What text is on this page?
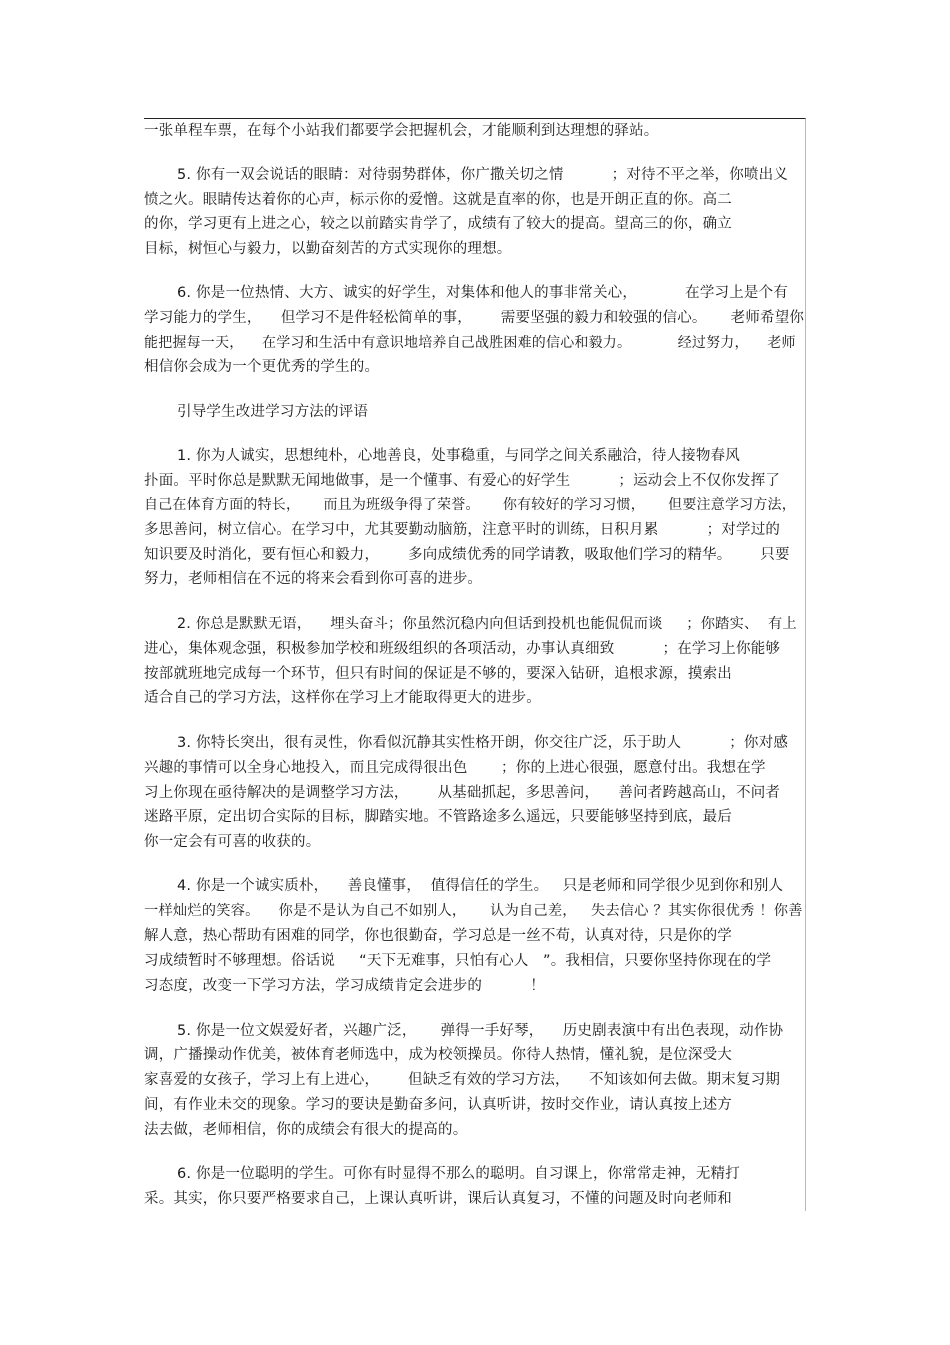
一张单程车票，在每个小站我们都要学会把握机会，才能顺利到达理想的驿站。
5. 你有一双会说话的眼睛：对待弱势群体，你广撒关切之情          ；对待不平之举，你喷出义
愤之火。眼睛传达着你的心声，标示你的爱憎。这就是直率的你，也是开朗正直的你。高二
的你，学习更有上进之心，较之以前踏实肯学了，成绩有了较大的提高。望高三的你，确立
目标，树恒心与毅力，以勤奋刻苦的方式实现你的理想。
6. 你是一位热情、大方、诚实的好学生，对集体和他人的事非常关心，          在学习上是个有
学习能力的学生，    但学习不是件轻松简单的事，      需要坚强的毅力和较强的信心。     老师希望你
能把握每一天，    在学习和生活中有意识地培养自己战胜困难的信心和毅力。          经过努力，    老师
相信你会成为一个更优秀的学生的。
引导学生改进学习方法的评语
1. 你为人诚实，思想纯朴，心地善良，处事稳重，与同学之间关系融洽，待人接物春风
扑面。平时你总是默默无闻地做事，是一个懂事、有爱心的好学生          ；运动会上不仅你发挥了
自己在体育方面的特长，     而且为班级争得了荣誉。     你有较好的学习习惯，     但要注意学习方法，
多思善问，树立信心。在学习中，尤其要勤动脑筋，注意平时的训练，日积月累          ；对学过的
知识要及时消化，要有恒心和毅力，      多向成绩优秀的同学请教，吸取他们学习的精华。      只要
努力，老师相信在不远的将来会看到你可喜的进步。
2. 你总是默默无语，    埋头奋斗；你虽然沉稳内向但话到投机也能侃侃而谈     ；你踏实、  有上
进心，集体观念强，积极参加学校和班级组织的各项活动，办事认真细致          ；在学习上你能够
按部就班地完成每一个环节，但只有时间的保证是不够的，要深入钻研，追根求源，摸索出
适合自己的学习方法，这样你在学习上才能取得更大的进步。
3. 你特长突出，很有灵性，你看似沉静其实性格开朗，你交往广泛，乐于助人          ；你对感
兴趣的事情可以全身心地投入，而且完成得很出色       ；你的上进心很强，愿意付出。我想在学
习上你现在亟待解决的是调整学习方法，      从基础抓起，多思善问，    善问者跨越高山，不问者
迷路平原，定出切合实际的目标，脚踏实地。不管路途多么遥远，只要能够坚持到底，最后
你一定会有可喜的收获的。
4. 你是一个诚实质朴，    善良懂事，  值得信任的学生。   只是老师和同学很少见到你和别人
一样灿烂的笑容。    你是不是认为自己不如别人，     认为自己差，   失去信心 ？其实你很优秀 ！你善
解人意，热心帮助有困难的同学，你也很勤奋，学习总是一丝不苟，认真对待，只是你的学
习成绩暂时不够理想。俗话说     “天下无难事，只怕有心人   ”。我相信，只要你坚持你现在的学
习态度，改变一下学习方法，学习成绩肯定会进步的          ！
5. 你是一位文娱爱好者，兴趣广泛，     弹得一手好琴，    历史剧表演中有出色表现，动作协
调，广播操动作优美，被体育老师选中，成为校领操员。你待人热情，懂礼貌，是位深受大
家喜爱的女孩子，学习上有上进心，      但缺乏有效的学习方法，    不知该如何去做。期末复习期
间，有作业未交的现象。学习的要诀是勤奋多问，认真听讲，按时交作业，请认真按上述方
法去做，老师相信，你的成绩会有很大的提高的。
6. 你是一位聪明的学生。可你有时显得不那么的聪明。自习课上，你常常走神，无精打
采。其实，你只要严格要求自己，上课认真听讲，课后认真复习，不懂的问题及时向老师和
